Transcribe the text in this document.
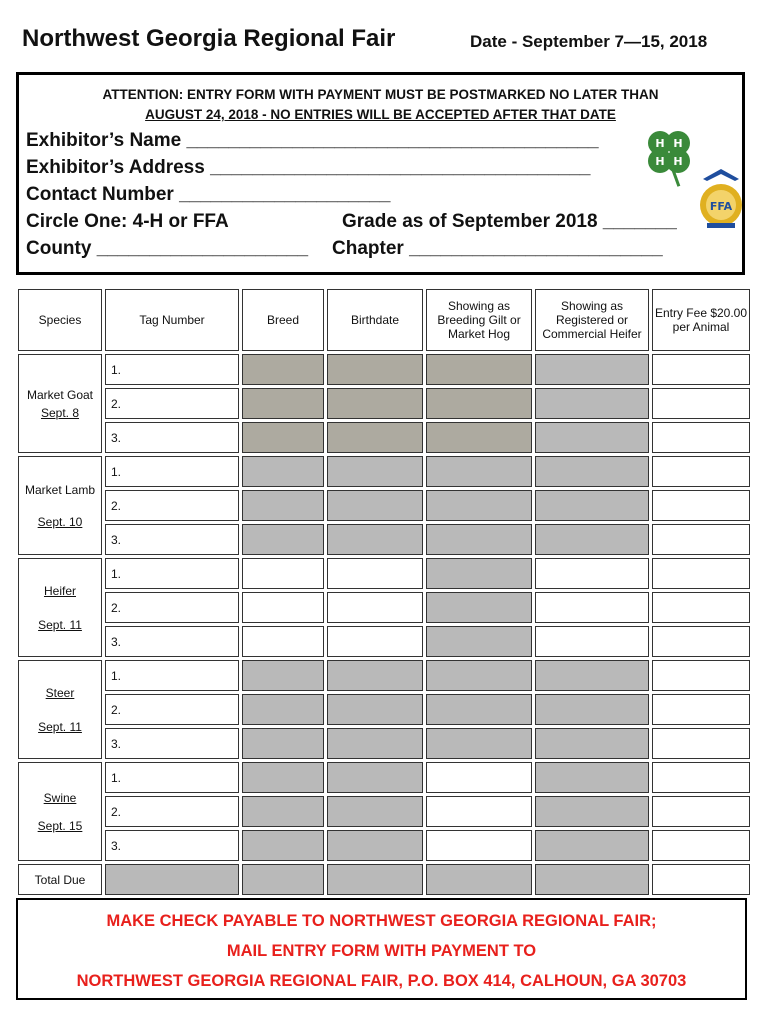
Northwest Georgia Regional Fair	Date - September 7—15, 2018
ATTENTION: ENTRY FORM WITH PAYMENT MUST BE POSTMARKED NO LATER THAN
AUGUST 24, 2018 - NO ENTRIES WILL BE ACCEPTED AFTER THAT DATE
Exhibitor’s Name _______________________________________
Exhibitor’s Address ____________________________________
Contact Number ____________________
Circle One: 4-H or FFA	Grade as of September 2018 _______
County ____________________ Chapter ________________________
H H
H H
FFA
Species	Tag Number	Breed	Birthdate	Showing as Breeding Gilt or Market Hog	Showing as Registered or Commercial Heifer	Entry Fee $20.00 per Animal

Market Goat
Sept. 8	1.					
	2.					
	3.					

Market Lamb
Sept. 10	1.					
	2.					
	3.					

Heifer
Sept. 11	1.					
	2.					
	3.					

Steer
Sept. 11	1.					
	2.					
	3.					

Swine
Sept. 15	1.					
	2.					
	3.					
Total Due						
MAKE CHECK PAYABLE TO NORTHWEST GEORGIA REGIONAL FAIR;
MAIL ENTRY FORM WITH PAYMENT TO
NORTHWEST GEORGIA REGIONAL FAIR, P.O. BOX 414, CALHOUN, GA 30703
